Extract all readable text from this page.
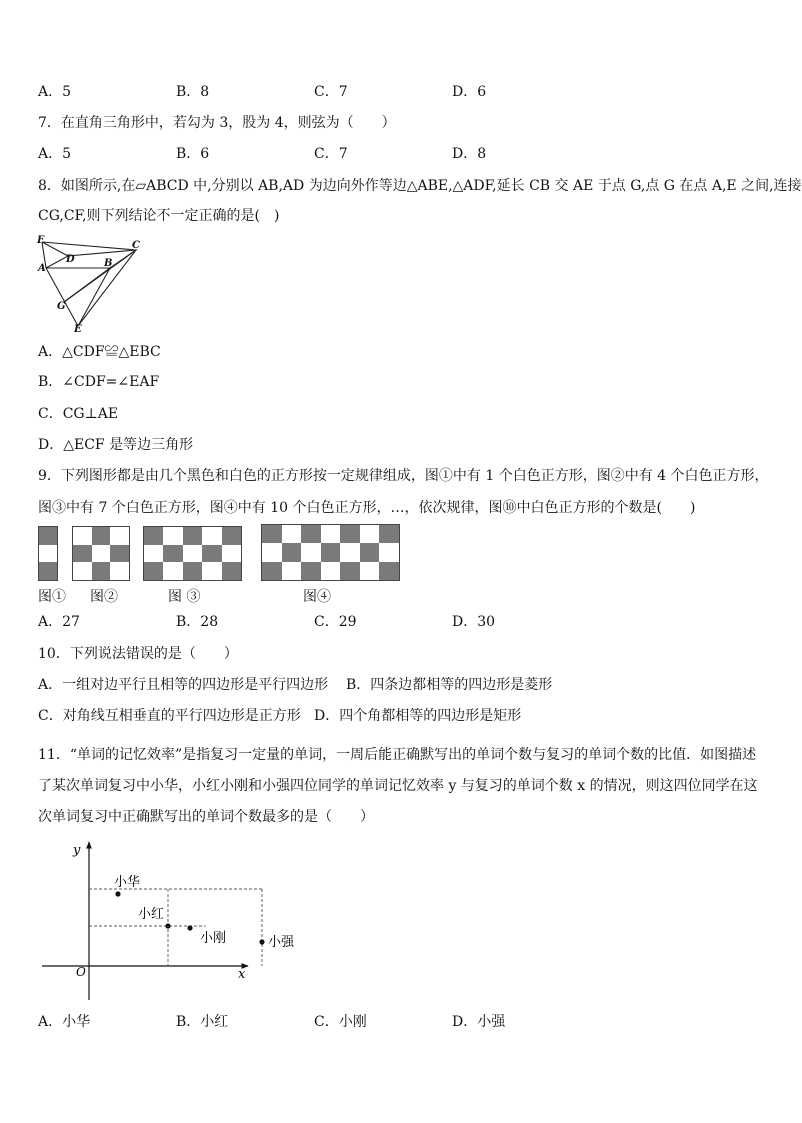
A．5	B．8	C．7	D．6
7．在直角三角形中，若勾为 3，股为 4，则弦为（　　）
A．5	B．6	C．7	D．8
8．如图所示,在▱ABCD 中,分别以 AB,AD 为边向外作等边△ABE,△ADF,延长 CB 交 AE 于点 G,点 G 在点 A,E 之间,连接
CG,CF,则下列结论不一定正确的是(　)
F	C
D
A	B
G
E
A．△CDF≌△EBC
B．∠CDF=∠EAF
C．CG⊥AE
D．△ECF 是等边三角形
9．下列图形都是由几个黑色和白色的正方形按一定规律组成，图①中有 1 个白色正方形，图②中有 4 个白色正方形，
图③中有 7 个白色正方形，图④中有 10 个白色正方形，…，依次规律，图⑩中白色正方形的个数是(　　)
图① 图②	图 ③	图④
A．27	B．28	C．29	D．30
10．下列说法错误的是（　　）
A．一组对边平行且相等的四边形是平行四边形 B．四条边都相等的四边形是菱形
C．对角线互相垂直的平行四边形是正方形 D．四个角都相等的四边形是矩形
11．“单词的记忆效率”是指复习一定量的单词，一周后能正确默写出的单词个数与复习的单词个数的比值．如图描述
了某次单词复习中小华，小红小刚和小强四位同学的单词记忆效率 y 与复习的单词个数 x 的情况，则这四位同学在这
次单词复习中正确默写出的单词个数最多的是（　　）
y
x
O
小华
小红
小刚	小强
A．小华	B．小红	C．小刚	D．小强
